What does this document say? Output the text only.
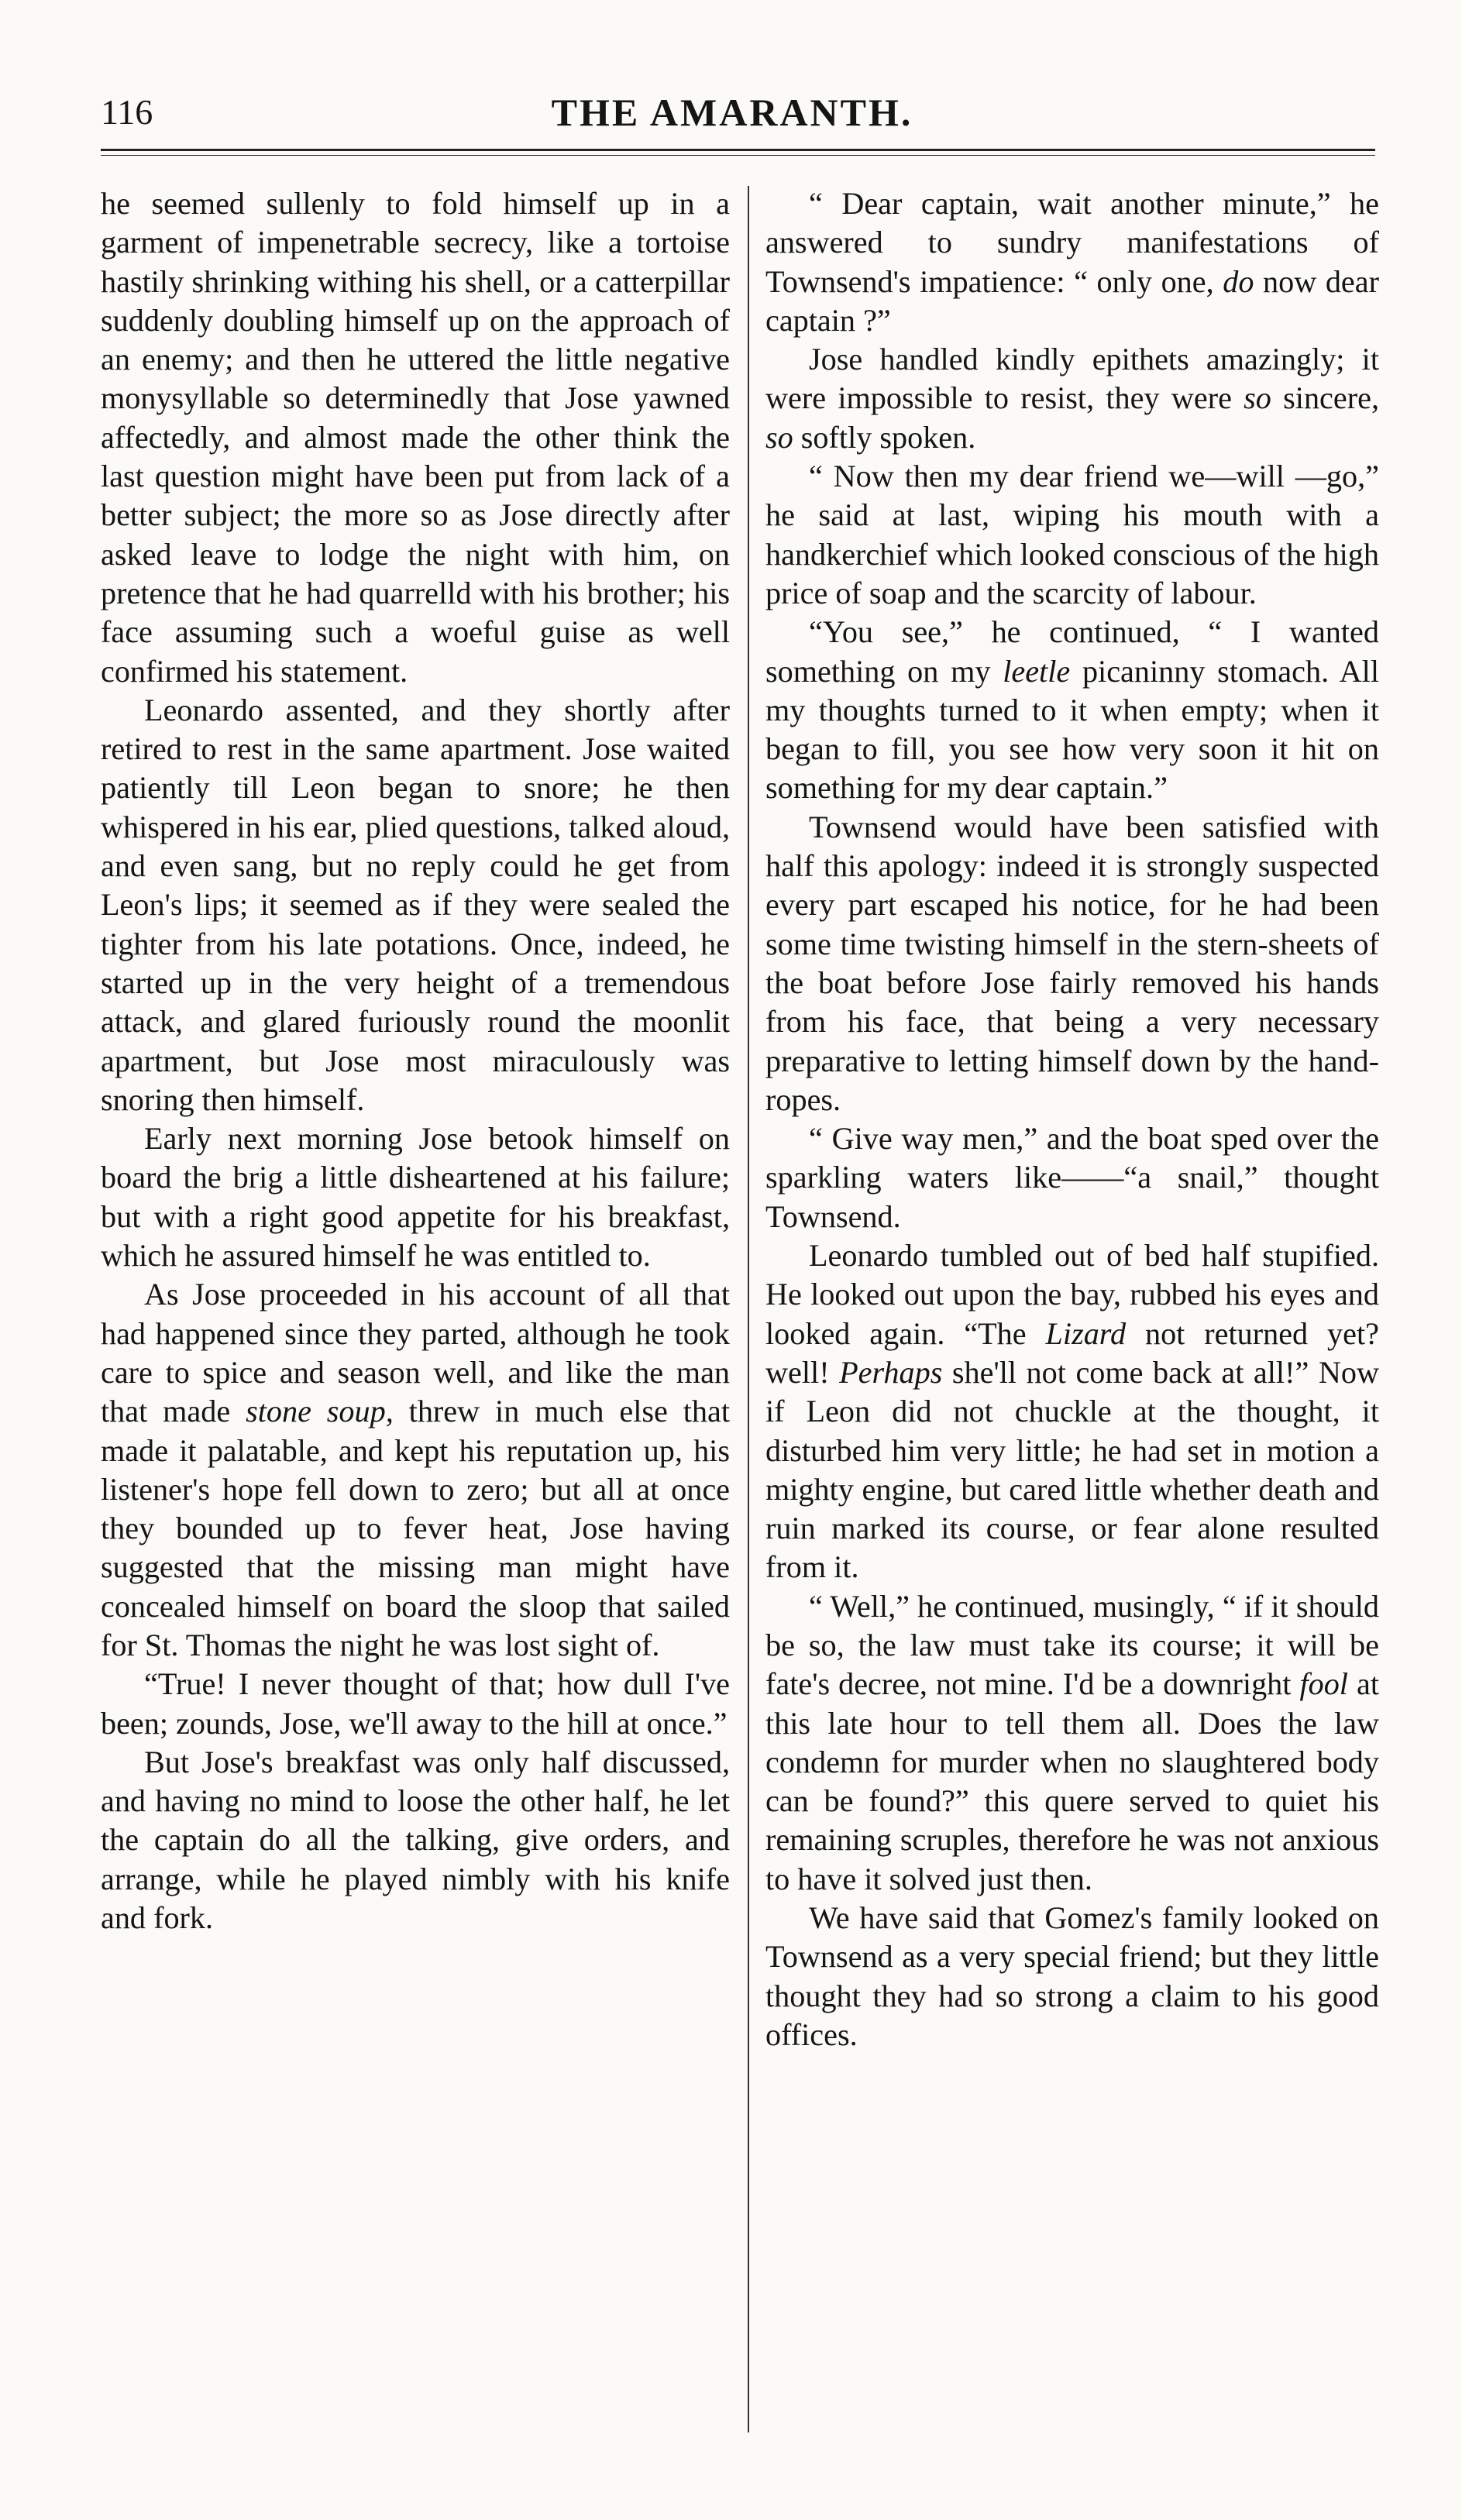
116	THE AMARANTH.

he seemed sullenly to fold himself up in a garment of impenetrable secrecy, like a tortoise hastily shrinking withing his shell, or a catterpillar suddenly doubling himself up on the approach of an enemy; and then he uttered the little negative monysyllable so determinedly that Jose yawned affectedly, and almost made the other think the last question might have been put from lack of a better subject; the more so as Jose directly after asked leave to lodge the night with him, on pretence that he had quarrelld with his brother; his face assuming such a woeful guise as well confirmed his statement.

Leonardo assented, and they shortly after retired to rest in the same apartment. Jose waited patiently till Leon began to snore; he then whispered in his ear, plied questions, talked aloud, and even sang, but no reply could he get from Leon's lips; it seemed as if they were sealed the tighter from his late potations. Once, indeed, he started up in the very height of a tremendous attack, and glared furiously round the moonlit apartment, but Jose most miraculously was snoring then himself.

Early next morning Jose betook himself on board the brig a little disheartened at his failure; but with a right good appetite for his breakfast, which he assured himself he was entitled to.

As Jose proceeded in his account of all that had happened since they parted, although he took care to spice and season well, and like the man that made stone soup, threw in much else that made it palatable, and kept his reputation up, his listener's hope fell down to zero; but all at once they bounded up to fever heat, Jose having suggested that the missing man might have concealed himself on board the sloop that sailed for St. Thomas the night he was lost sight of.

“True! I never thought of that; how dull I've been; zounds, Jose, we'll away to the hill at once.”

But Jose's breakfast was only half discussed, and having no mind to loose the other half, he let the captain do all the talking, give orders, and arrange, while he played nimbly with his knife and fork.

“ Dear captain, wait another minute,” he answered to sundry manifestations of Townsend's impatience: “ only one, do now dear captain ?”

Jose handled kindly epithets amazingly; it were impossible to resist, they were so sincere, so softly spoken.

“ Now then my dear friend we—will —go,” he said at last, wiping his mouth with a handkerchief which looked conscious of the high price of soap and the scarcity of labour.

“You see,” he continued, “ I wanted something on my leetle picaninny stomach. All my thoughts turned to it when empty; when it began to fill, you see how very soon it hit on something for my dear captain.”

Townsend would have been satisfied with half this apology: indeed it is strongly suspected every part escaped his notice, for he had been some time twisting himself in the stern-sheets of the boat before Jose fairly removed his hands from his face, that being a very necessary preparative to letting himself down by the hand-ropes.

“ Give way men,” and the boat sped over the sparkling waters like——“a snail,” thought Townsend.

Leonardo tumbled out of bed half stupified. He looked out upon the bay, rubbed his eyes and looked again. “The Lizard not returned yet? well! Perhaps she'll not come back at all!” Now if Leon did not chuckle at the thought, it disturbed him very little; he had set in motion a mighty engine, but cared little whether death and ruin marked its course, or fear alone resulted from it.

“ Well,” he continued, musingly, “ if it should be so, the law must take its course; it will be fate's decree, not mine. I'd be a downright fool at this late hour to tell them all. Does the law condemn for murder when no slaughtered body can be found?” this quere served to quiet his remaining scruples, therefore he was not anxious to have it solved just then.

We have said that Gomez's family looked on Townsend as a very special friend; but they little thought they had so strong a claim to his good offices.
